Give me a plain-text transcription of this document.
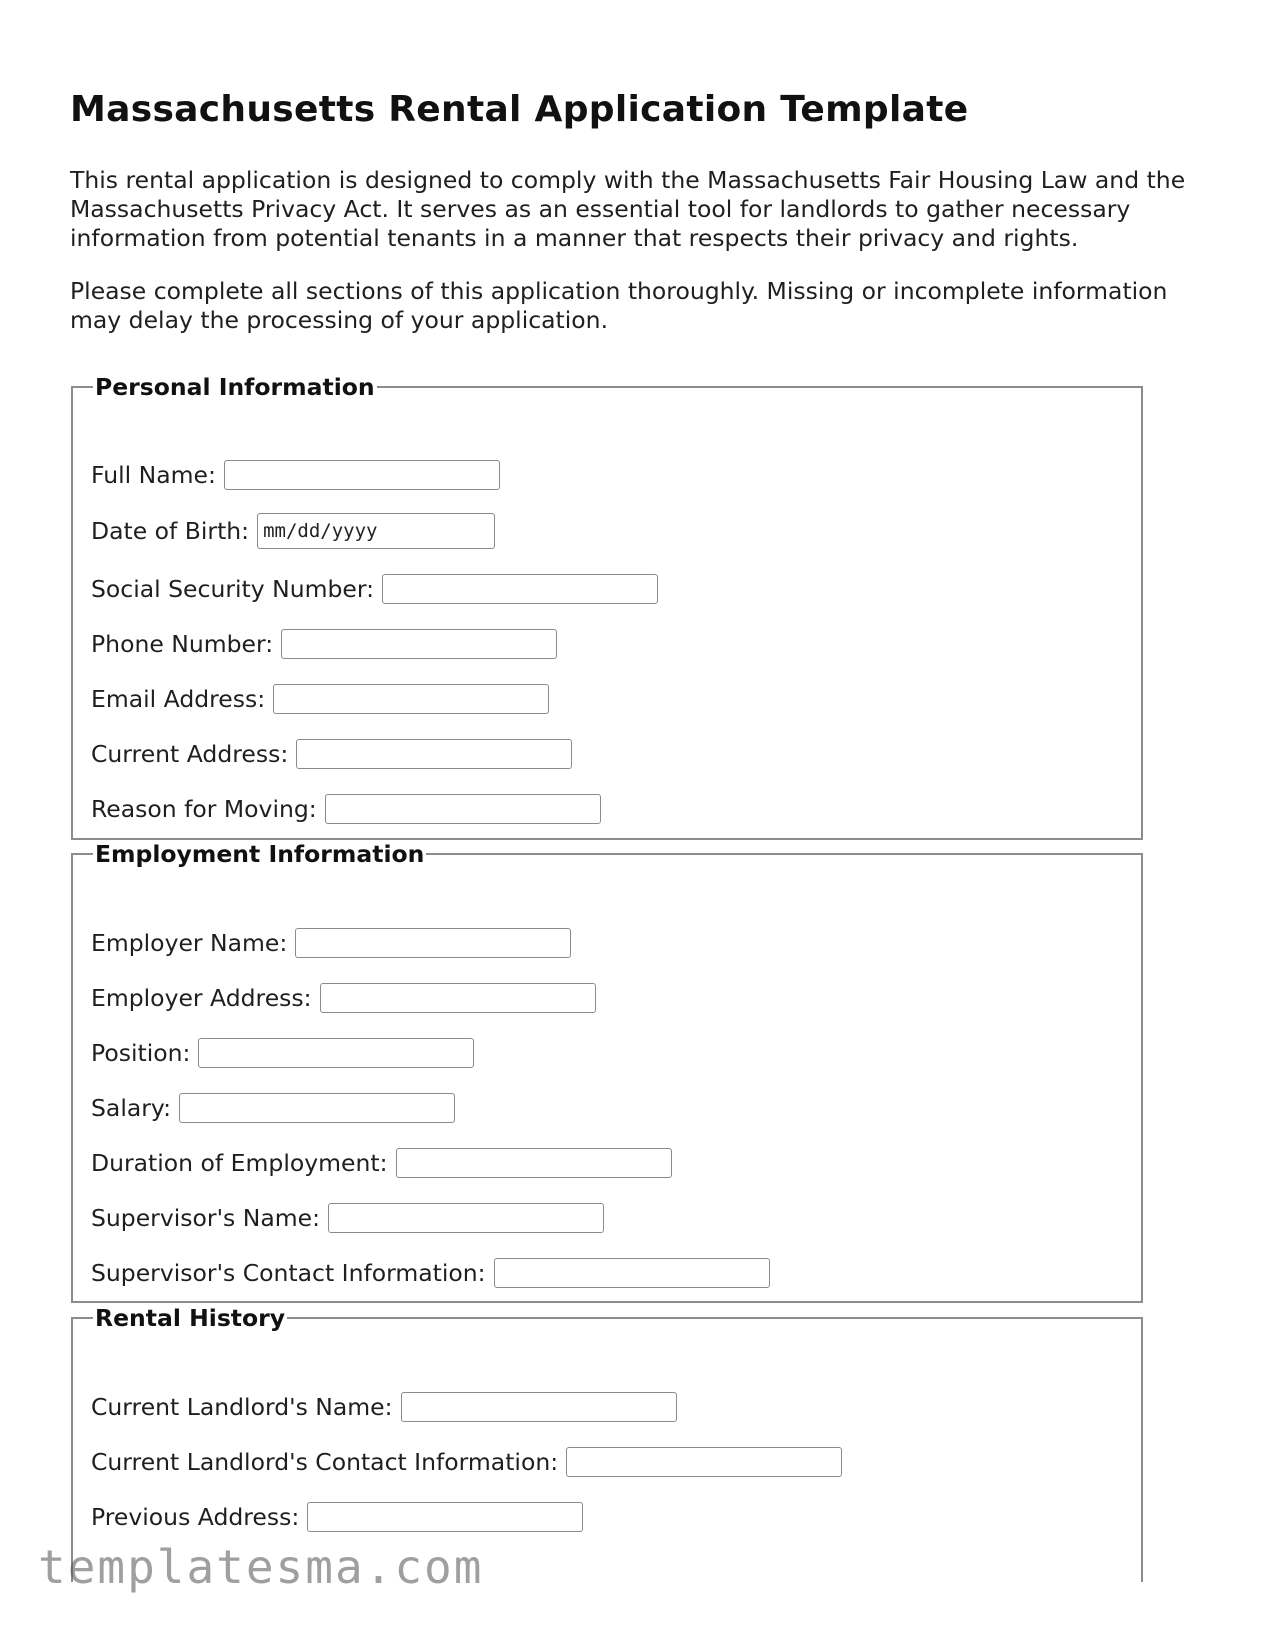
Massachusetts Rental Application Template

This rental application is designed to comply with the Massachusetts Fair Housing Law and the Massachusetts Privacy Act. It serves as an essential tool for landlords to gather necessary information from potential tenants in a manner that respects their privacy and rights.

Please complete all sections of this application thoroughly. Missing or incomplete information may delay the processing of your application.

Personal Information
Full Name:
Date of Birth: mm/dd/yyyy
Social Security Number:
Phone Number:
Email Address:
Current Address:
Reason for Moving:
Employment Information
Employer Name:
Employer Address:
Position:
Salary:
Duration of Employment:
Supervisor's Name:
Supervisor's Contact Information:
Rental History
Current Landlord's Name:
Current Landlord's Contact Information:
Previous Address:
templatesma.com
